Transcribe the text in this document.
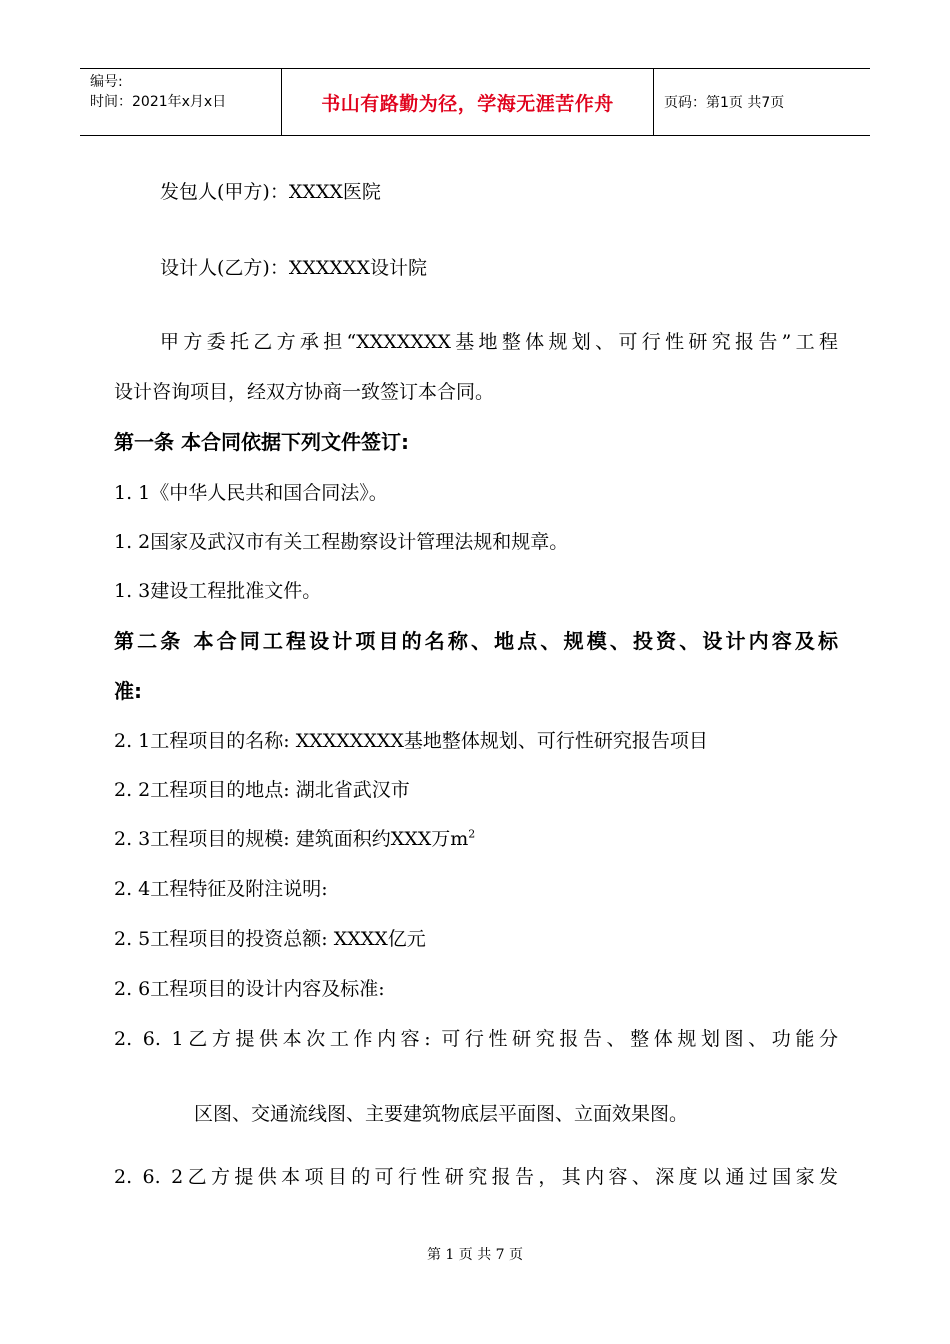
编号:
时间：2021年x月x日	书山有路勤为径，学海无涯苦作舟	页码：第1页 共7页
发包人(甲方)：XXXX医院
设计人(乙方)：XXXXXX设计院
甲方委托乙方承担“XXXXXXX基地整体规划、可行性研究报告”工程
设计咨询项目，经双方协商一致签订本合同。
第一条 本合同依据下列文件签订:
1. 1《中华人民共和国合同法》。
1. 2国家及武汉市有关工程勘察设计管理法规和规章。
1. 3建设工程批准文件。
第二条 本合同工程设计项目的名称、地点、规模、投资、设计内容及标
准:
2. 1工程项目的名称: XXXXXXXX基地整体规划、可行性研究报告项目
2. 2工程项目的地点: 湖北省武汉市
2. 3工程项目的规模: 建筑面积约XXX万$m^2$
2. 4工程特征及附注说明:
2. 5工程项目的投资总额: XXXX亿元
2. 6工程项目的设计内容及标准:
2. 6. 1乙方提供本次工作内容: 可行性研究报告、整体规划图、功能分
区图、交通流线图、主要建筑物底层平面图、立面效果图。
2. 6. 2乙方提供本项目的可行性研究报告，其内容、深度以通过国家发
第 1 页 共 7 页
